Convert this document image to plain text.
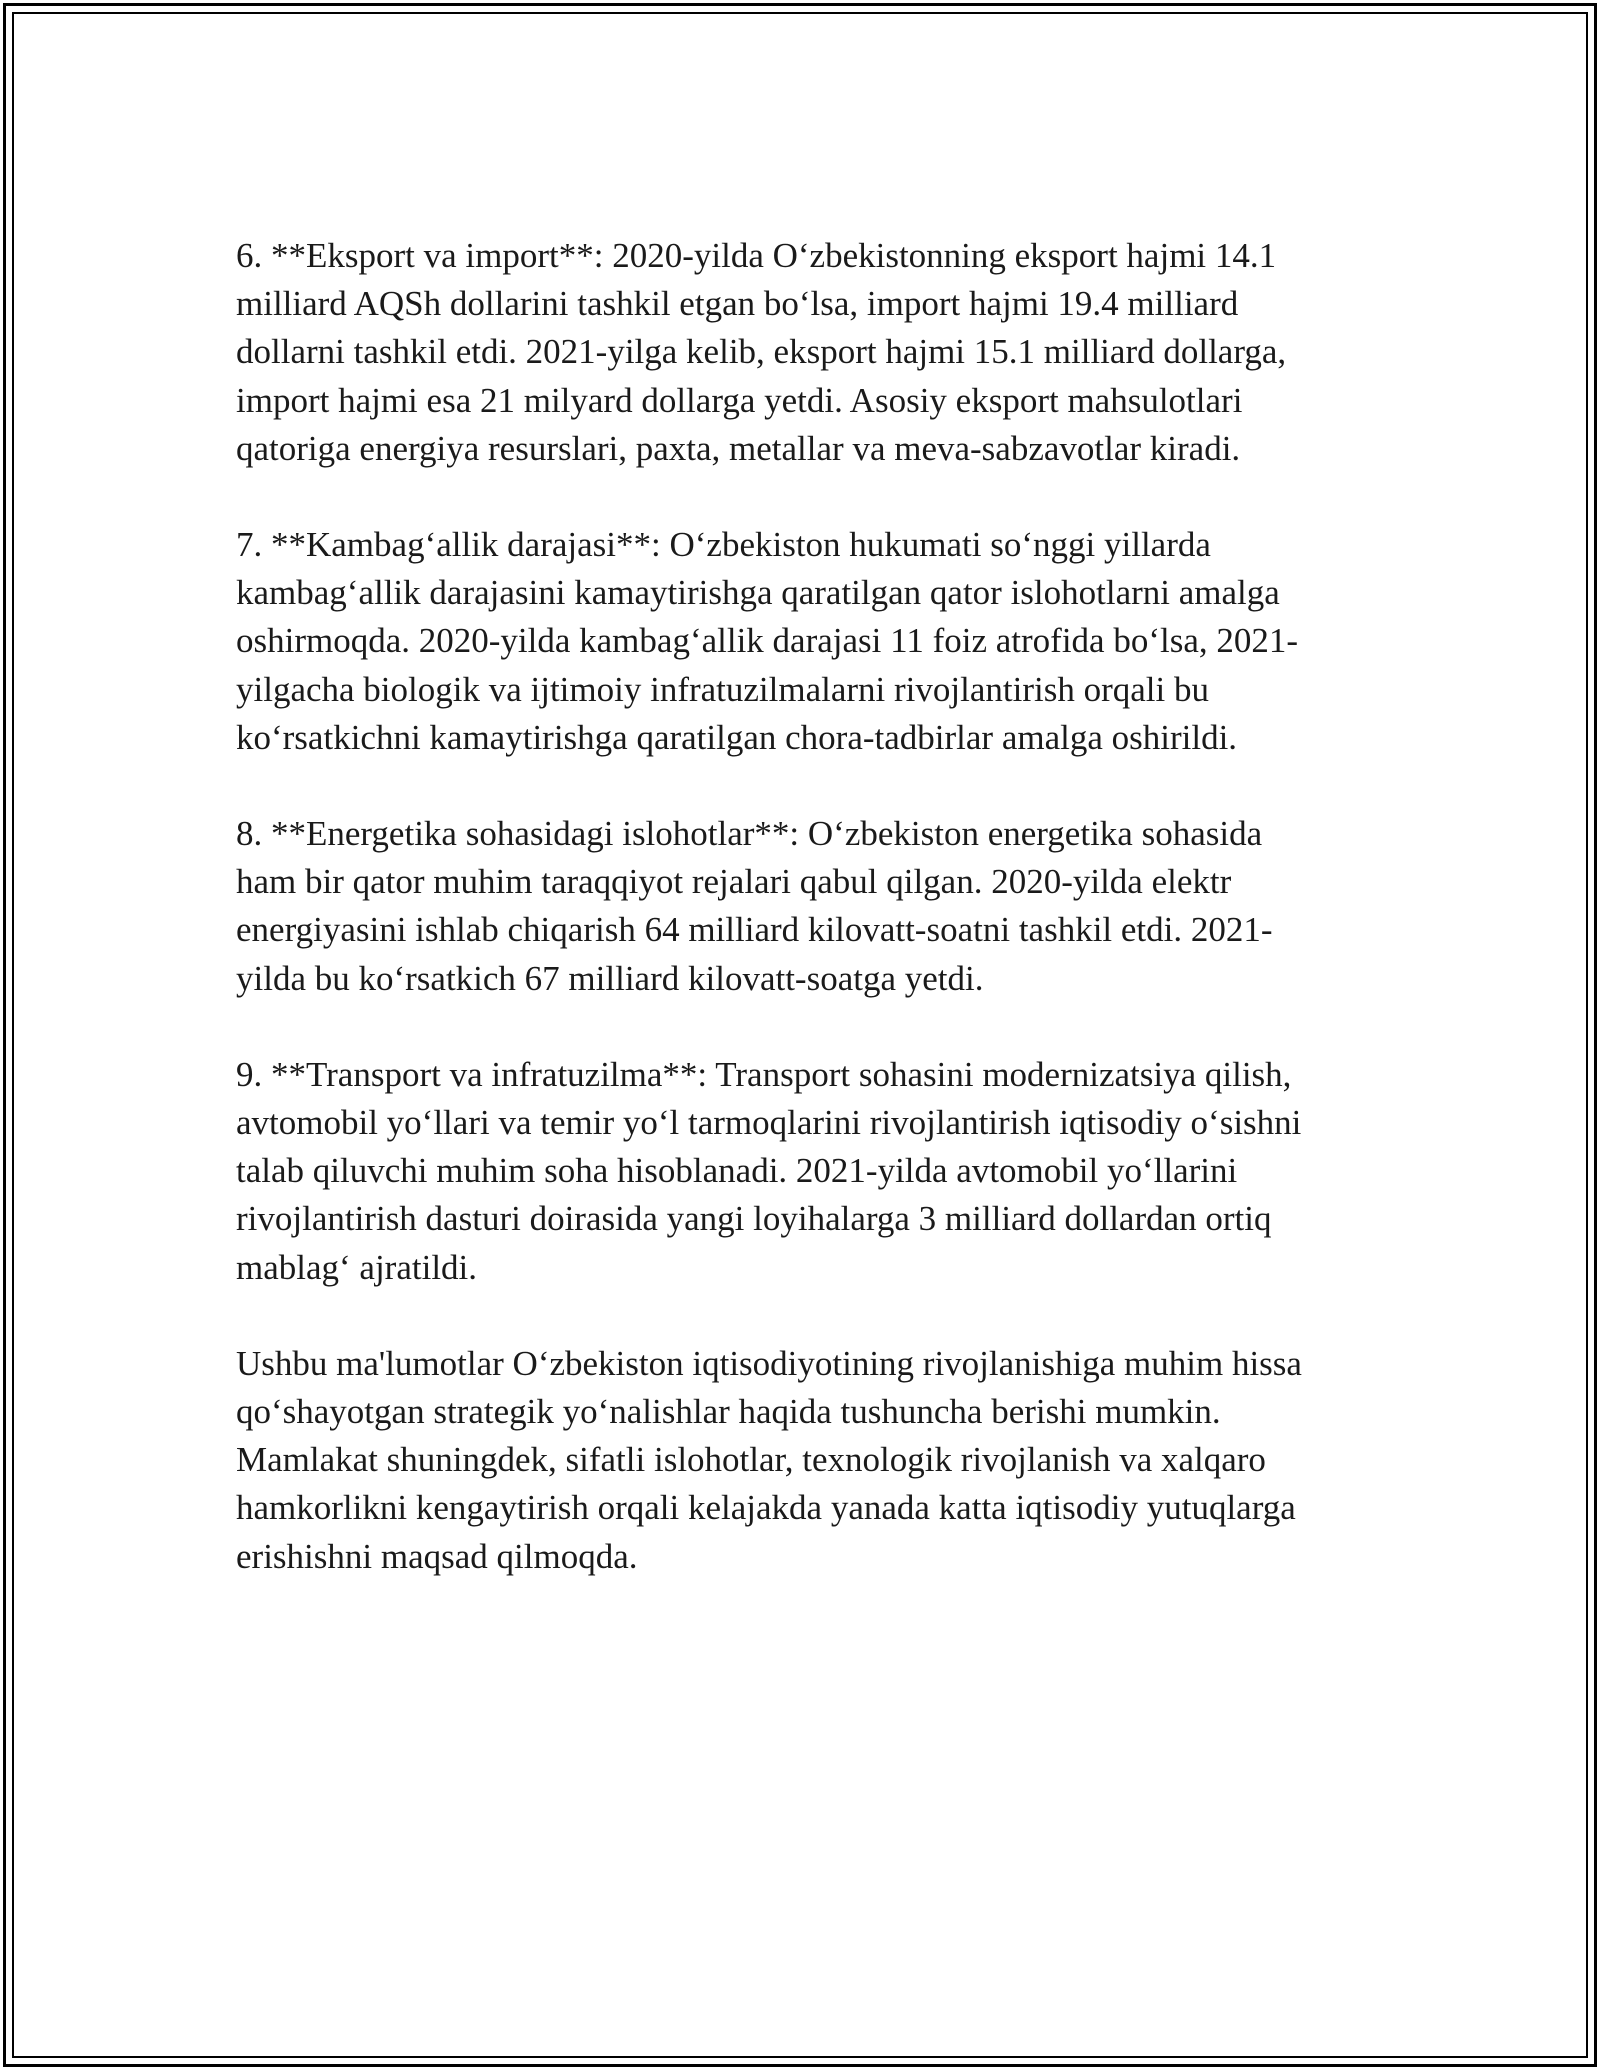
6. **Eksport va import**: 2020-yilda O‘zbekistonning eksport hajmi 14.1
milliard AQSh dollarini tashkil etgan bo‘lsa, import hajmi 19.4 milliard
dollarni tashkil etdi. 2021-yilga kelib, eksport hajmi 15.1 milliard dollarga,
import hajmi esa 21 milyard dollarga yetdi. Asosiy eksport mahsulotlari
qatoriga energiya resurslari, paxta, metallar va meva-sabzavotlar kiradi.

7. **Kambag‘allik darajasi**: O‘zbekiston hukumati so‘nggi yillarda
kambag‘allik darajasini kamaytirishga qaratilgan qator islohotlarni amalga
oshirmoqda. 2020-yilda kambag‘allik darajasi 11 foiz atrofida bo‘lsa, 2021-
yilgacha biologik va ijtimoiy infratuzilmalarni rivojlantirish orqali bu
ko‘rsatkichni kamaytirishga qaratilgan chora-tadbirlar amalga oshirildi.

8. **Energetika sohasidagi islohotlar**: O‘zbekiston energetika sohasida
ham bir qator muhim taraqqiyot rejalari qabul qilgan. 2020-yilda elektr
energiyasini ishlab chiqarish 64 milliard kilovatt-soatni tashkil etdi. 2021-
yilda bu ko‘rsatkich 67 milliard kilovatt-soatga yetdi.

9. **Transport va infratuzilma**: Transport sohasini modernizatsiya qilish,
avtomobil yo‘llari va temir yo‘l tarmoqlarini rivojlantirish iqtisodiy o‘sishni
talab qiluvchi muhim soha hisoblanadi. 2021-yilda avtomobil yo‘llarini
rivojlantirish dasturi doirasida yangi loyihalarga 3 milliard dollardan ortiq
mablag‘ ajratildi.

Ushbu ma'lumotlar O‘zbekiston iqtisodiyotining rivojlanishiga muhim hissa
qo‘shayotgan strategik yo‘nalishlar haqida tushuncha berishi mumkin.
Mamlakat shuningdek, sifatli islohotlar, texnologik rivojlanish va xalqaro
hamkorlikni kengaytirish orqali kelajakda yanada katta iqtisodiy yutuqlarga
erishishni maqsad qilmoqda.
